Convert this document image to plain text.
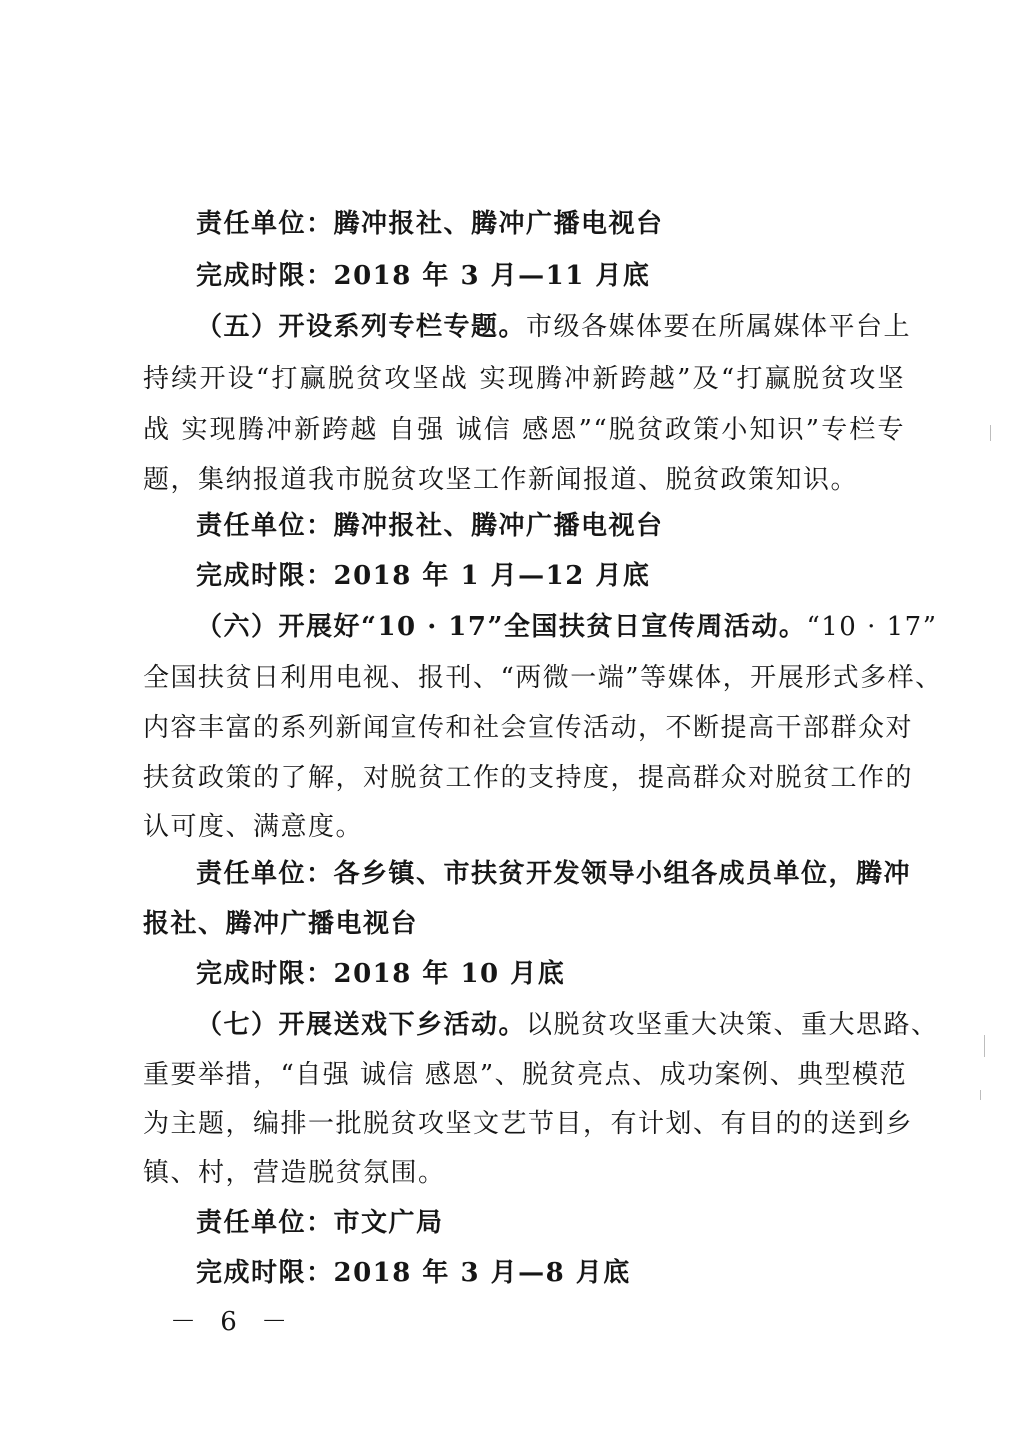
责任单位：腾冲报社、腾冲广播电视台
完成时限：2018 年 3 月—11 月底
（五）开设系列专栏专题。市级各媒体要在所属媒体平台上
持续开设“打赢脱贫攻坚战 实现腾冲新跨越”及“打赢脱贫攻坚
战 实现腾冲新跨越 自强 诚信 感恩”“脱贫政策小知识”专栏专
题，集纳报道我市脱贫攻坚工作新闻报道、脱贫政策知识。
责任单位：腾冲报社、腾冲广播电视台
完成时限：2018 年 1 月—12 月底
（六）开展好“10 · 17”全国扶贫日宣传周活动。“10 · 17”
全国扶贫日利用电视、报刊、“两微一端”等媒体，开展形式多样、
内容丰富的系列新闻宣传和社会宣传活动，不断提高干部群众对
扶贫政策的了解，对脱贫工作的支持度，提高群众对脱贫工作的
认可度、满意度。
责任单位：各乡镇、市扶贫开发领导小组各成员单位，腾冲
报社、腾冲广播电视台
完成时限：2018 年 10 月底
（七）开展送戏下乡活动。以脱贫攻坚重大决策、重大思路、
重要举措，“自强 诚信 感恩”、脱贫亮点、成功案例、典型模范
为主题，编排一批脱贫攻坚文艺节目，有计划、有目的的送到乡
镇、村，营造脱贫氛围。
责任单位：市文广局
完成时限：2018 年 3 月—8 月底
－ 6 －
